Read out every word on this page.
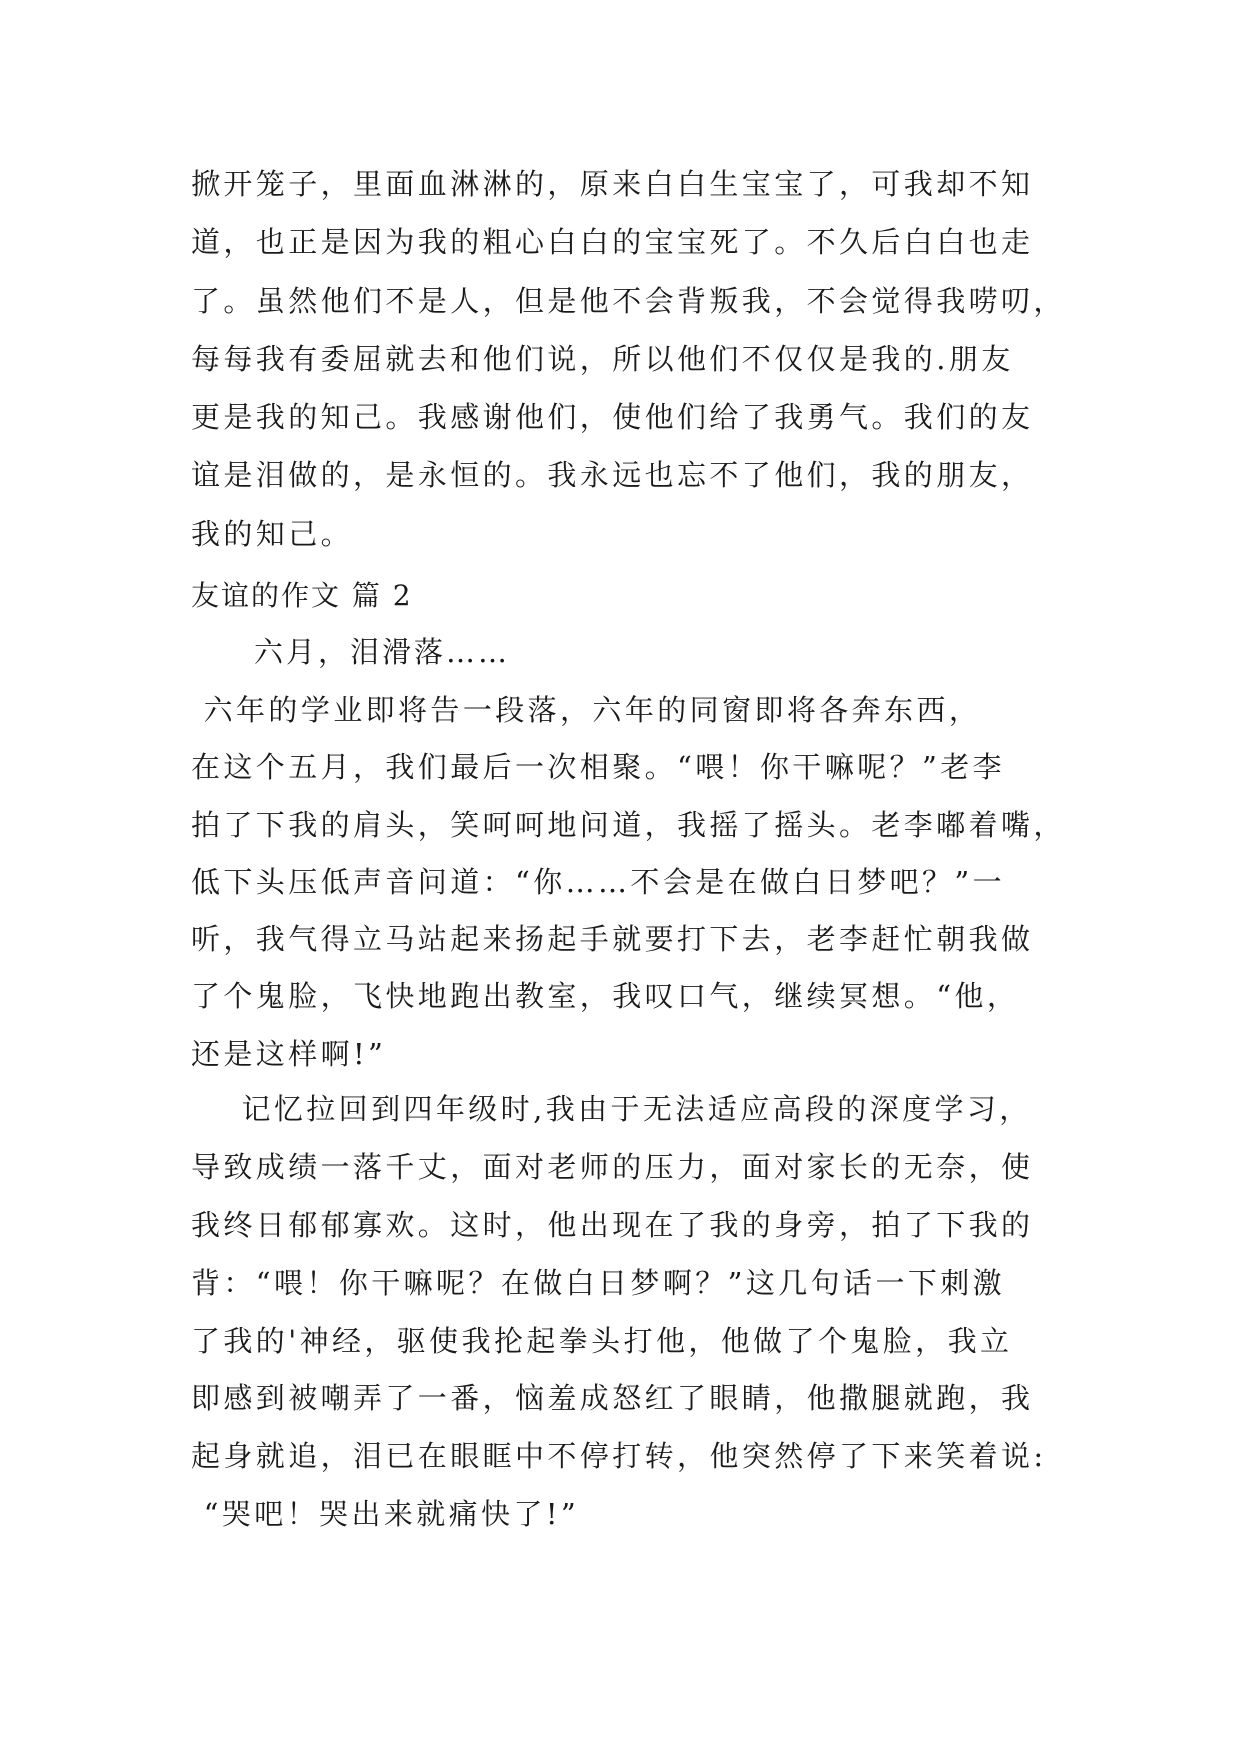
掀开笼子，里面血淋淋的，原来白白生宝宝了，可我却不知
道，也正是因为我的粗心白白的宝宝死了。不久后白白也走
了。虽然他们不是人，但是他不会背叛我，不会觉得我唠叨，
每每我有委屈就去和他们说，所以他们不仅仅是我的.朋友
更是我的知己。我感谢他们，使他们给了我勇气。我们的友
谊是泪做的，是永恒的。我永远也忘不了他们，我的朋友，
我的知己。
友谊的作文 篇 2
六月，泪滑落……
六年的学业即将告一段落，六年的同窗即将各奔东西，
在这个五月，我们最后一次相聚。“喂！你干嘛呢？”老李
拍了下我的肩头，笑呵呵地问道，我摇了摇头。老李嘟着嘴，
低下头压低声音问道：“你……不会是在做白日梦吧？”一
听，我气得立马站起来扬起手就要打下去，老李赶忙朝我做
了个鬼脸，飞快地跑出教室，我叹口气，继续冥想。“他，
还是这样啊!”
记忆拉回到四年级时,我由于无法适应高段的深度学习，
导致成绩一落千丈，面对老师的压力，面对家长的无奈，使
我终日郁郁寡欢。这时，他出现在了我的身旁，拍了下我的
背：“喂！你干嘛呢？在做白日梦啊？”这几句话一下刺激
了我的'神经，驱使我抡起拳头打他，他做了个鬼脸，我立
即感到被嘲弄了一番，恼羞成怒红了眼睛，他撒腿就跑，我
起身就追，泪已在眼眶中不停打转，他突然停了下来笑着说:
“哭吧！哭出来就痛快了!”
